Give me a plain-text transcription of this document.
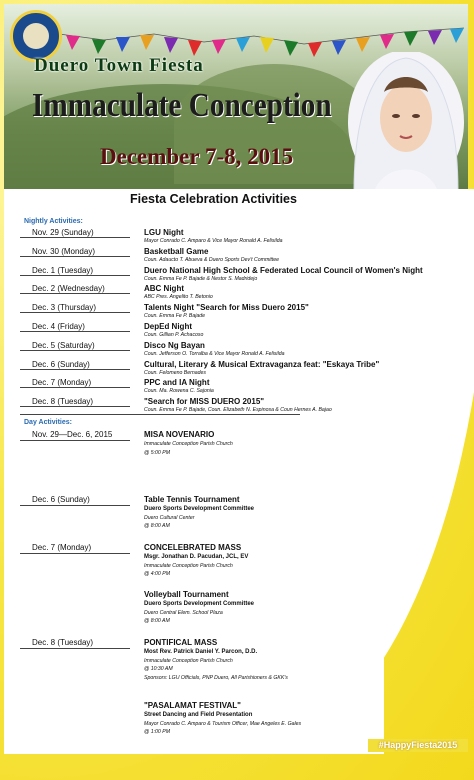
Duero Town Fiesta
Immaculate Conception
December 7-8, 2015
Fiesta Celebration Activities
Nightly Activities:
Nov. 29 (Sunday)	LGU Night
Mayor Conrado C. Amparo & Vice Mayor Ronald A. Felisilda
Nov. 30 (Monday)	Basketball Game
Coun. Adaucto T. Abueva & Duero Sports Dev't Committee
Dec. 1 (Tuesday)	Duero National High School & Federated Local Council of Women's Night
Coun. Emma Fe P. Bajade & Nestor S. Madridejo
Dec. 2 (Wednesday)	ABC Night
ABC Pres. Angelito T. Betonio
Dec. 3 (Thursday)	Talents Night "Search for Miss Duero 2015"
Coun. Emma Fe P. Bajade
Dec. 4 (Friday)	DepEd Night
Coun. Gillian P. Achacoso
Dec. 5 (Saturday)	Disco Ng Bayan
Coun. Jefferson O. Torralba & Vice Mayor Ronald A. Felisilda
Dec. 6 (Sunday)	Cultural, Literary & Musical Extravaganza feat: "Eskaya Tribe"
Coun. Felomeno Bernades
Dec. 7 (Monday)	PPC and IA Night
Coun. Ma. Rowena C. Sajonia
Dec. 8 (Tuesday)	"Search for MISS DUERO 2015"
Coun. Emma Fe P. Bajade, Coun. Elizabeth N. Espinosa & Coun Hernes A. Bajao
Day Activities:
Nov. 29—Dec. 6, 2015	MISA NOVENARIO
Immaculate Conception Parish Church
@ 5:00 PM
Dec. 6 (Sunday)	Table Tennis Tournament
Duero Sports Development Committee
Duero Cultural Center
@ 8:00 AM
Dec. 7 (Monday)	CONCELEBRATED MASS
Msgr. Jonathan D. Pacudan, JCL, EV
Immaculate Conception Parish Church
@ 4:00 PM
Volleyball Tournament
Duero Sports Development Committee
Duero Central Elem. School Plaza
@ 8:00 AM
Dec. 8 (Tuesday)	PONTIFICAL MASS
Most Rev. Patrick Daniel Y. Parcon, D.D.
Immaculate Conception Parish Church
@ 10:30 AM
Sponsors: LGU Officials, PNP Duero, All Parishioners & GKK's
"PASALAMAT FESTIVAL"
Street Dancing and Field Presentation
Mayor Conrado C. Amparo & Tourism Officer, Mae Angeles E. Gales
@ 1:00 PM
#HappyFiesta2015
